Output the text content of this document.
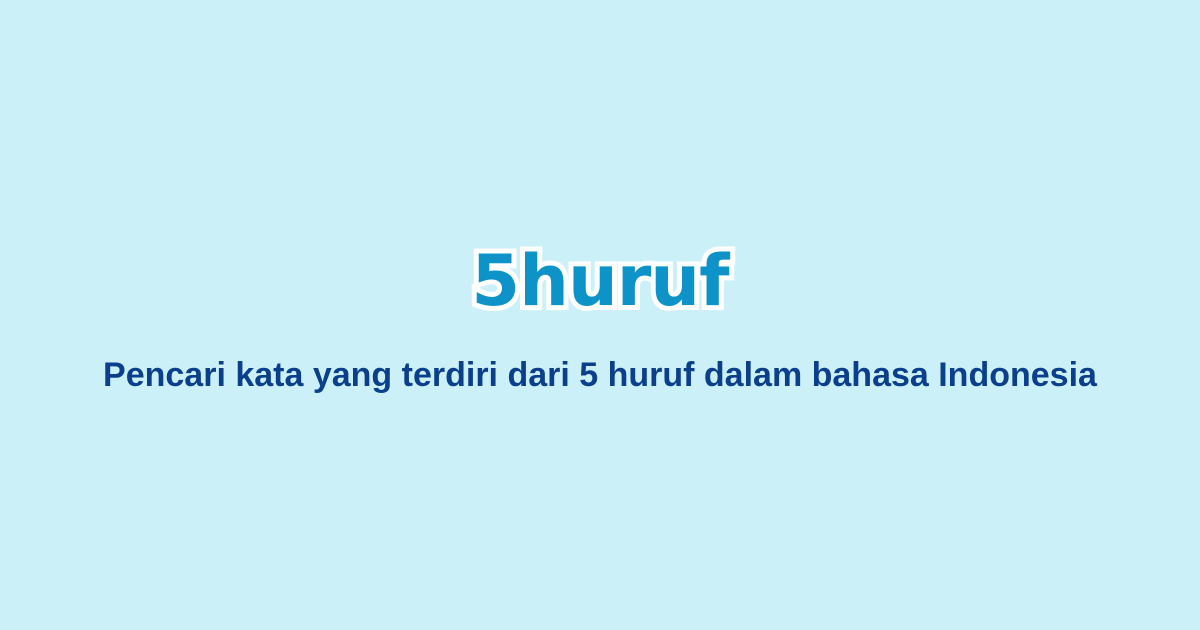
5huruf
Pencari kata yang terdiri dari 5 huruf dalam bahasa Indonesia
